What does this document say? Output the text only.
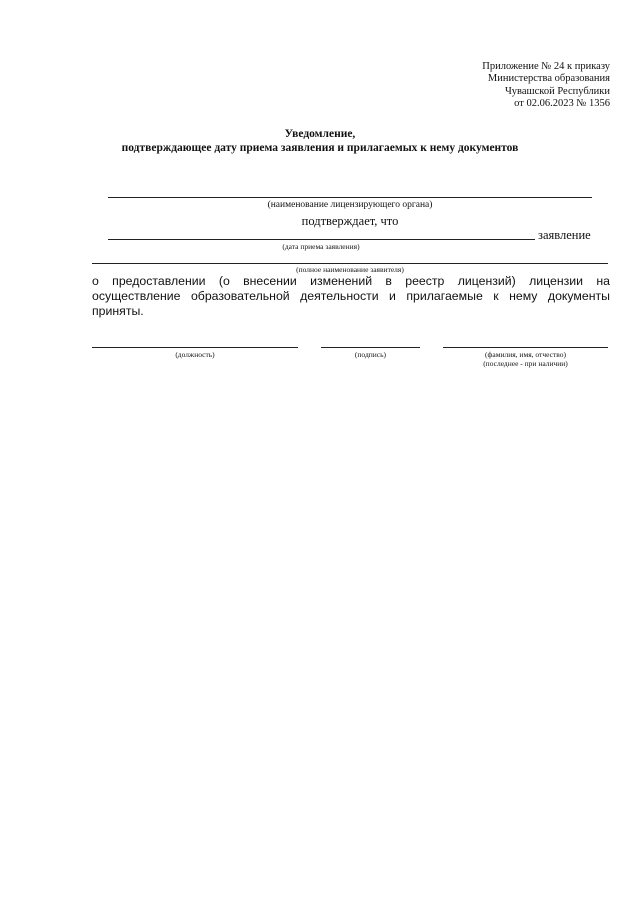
Приложение № 24 к приказу
Министерства образования
Чувашской Республики
от 02.06.2023 № 1356
Уведомление,
подтверждающее дату приема заявления и прилагаемых к нему документов
(наименование лицензирующего органа)
подтверждает, что
заявление
(дата приема заявления)
(полное наименование заявителя)
о предоставлении (о внесении изменений в реестр лицензий) лицензии на осуществление образовательной деятельности и прилагаемые к нему документы приняты.
(должность)	(подпись)	(фамилия, имя, отчество)
(последнее - при наличии)
